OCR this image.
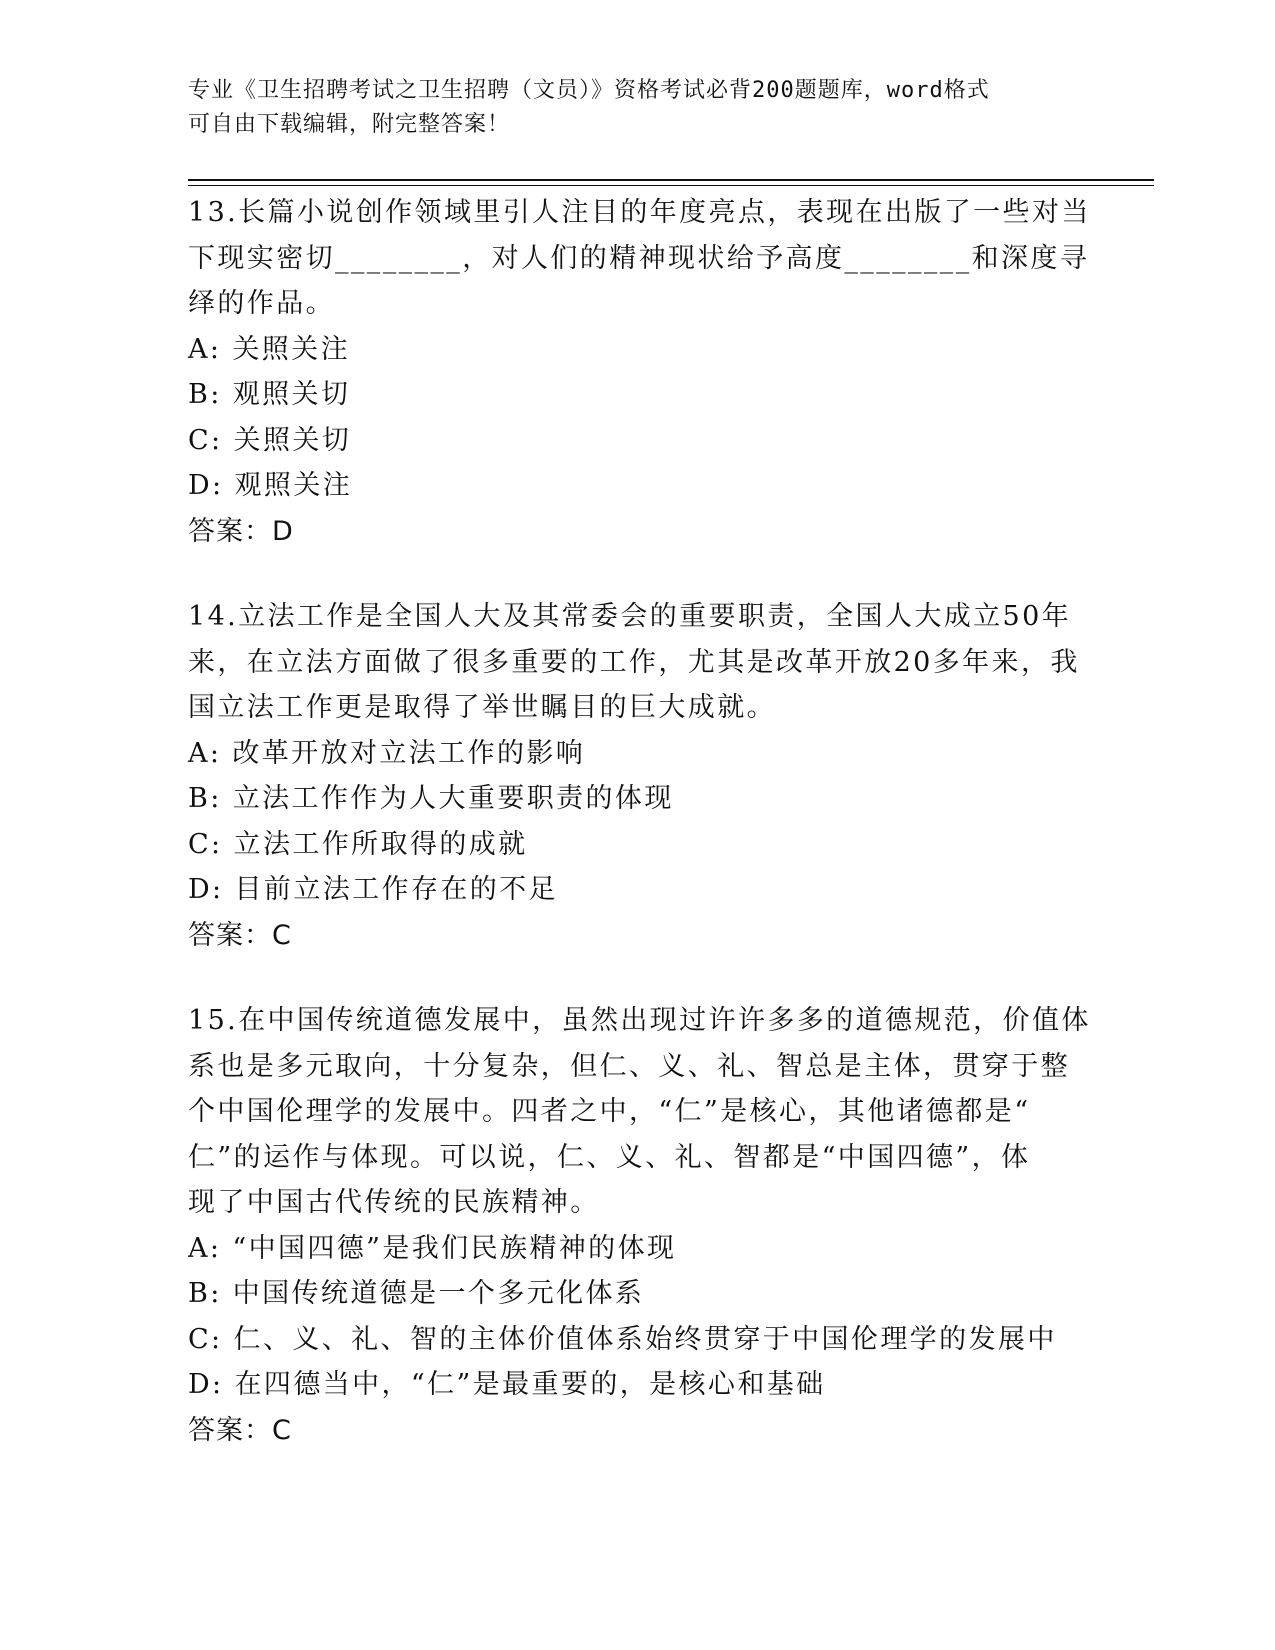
专业《卫生招聘考试之卫生招聘（文员）》资格考试必背200题题库，word格式
可自由下载编辑，附完整答案！
13.长篇小说创作领域里引人注目的年度亮点，表现在出版了一些对当
下现实密切________，对人们的精神现状给予高度________和深度寻
绎的作品。
A: 关照关注
B: 观照关切
C: 关照关切
D: 观照关注
答案：D
14.立法工作是全国人大及其常委会的重要职责，全国人大成立50年
来，在立法方面做了很多重要的工作，尤其是改革开放20多年来，我
国立法工作更是取得了举世瞩目的巨大成就。
A: 改革开放对立法工作的影响
B: 立法工作作为人大重要职责的体现
C: 立法工作所取得的成就
D: 目前立法工作存在的不足
答案：C
15.在中国传统道德发展中，虽然出现过许许多多的道德规范，价值体
系也是多元取向，十分复杂，但仁、义、礼、智总是主体，贯穿于整
个中国伦理学的发展中。四者之中，“仁”是核心，其他诸德都是“
仁”的运作与体现。可以说，仁、义、礼、智都是“中国四德”，体
现了中国古代传统的民族精神。
A: “中国四德”是我们民族精神的体现
B: 中国传统道德是一个多元化体系
C: 仁、义、礼、智的主体价值体系始终贯穿于中国伦理学的发展中
D: 在四德当中，“仁”是最重要的，是核心和基础
答案：C
